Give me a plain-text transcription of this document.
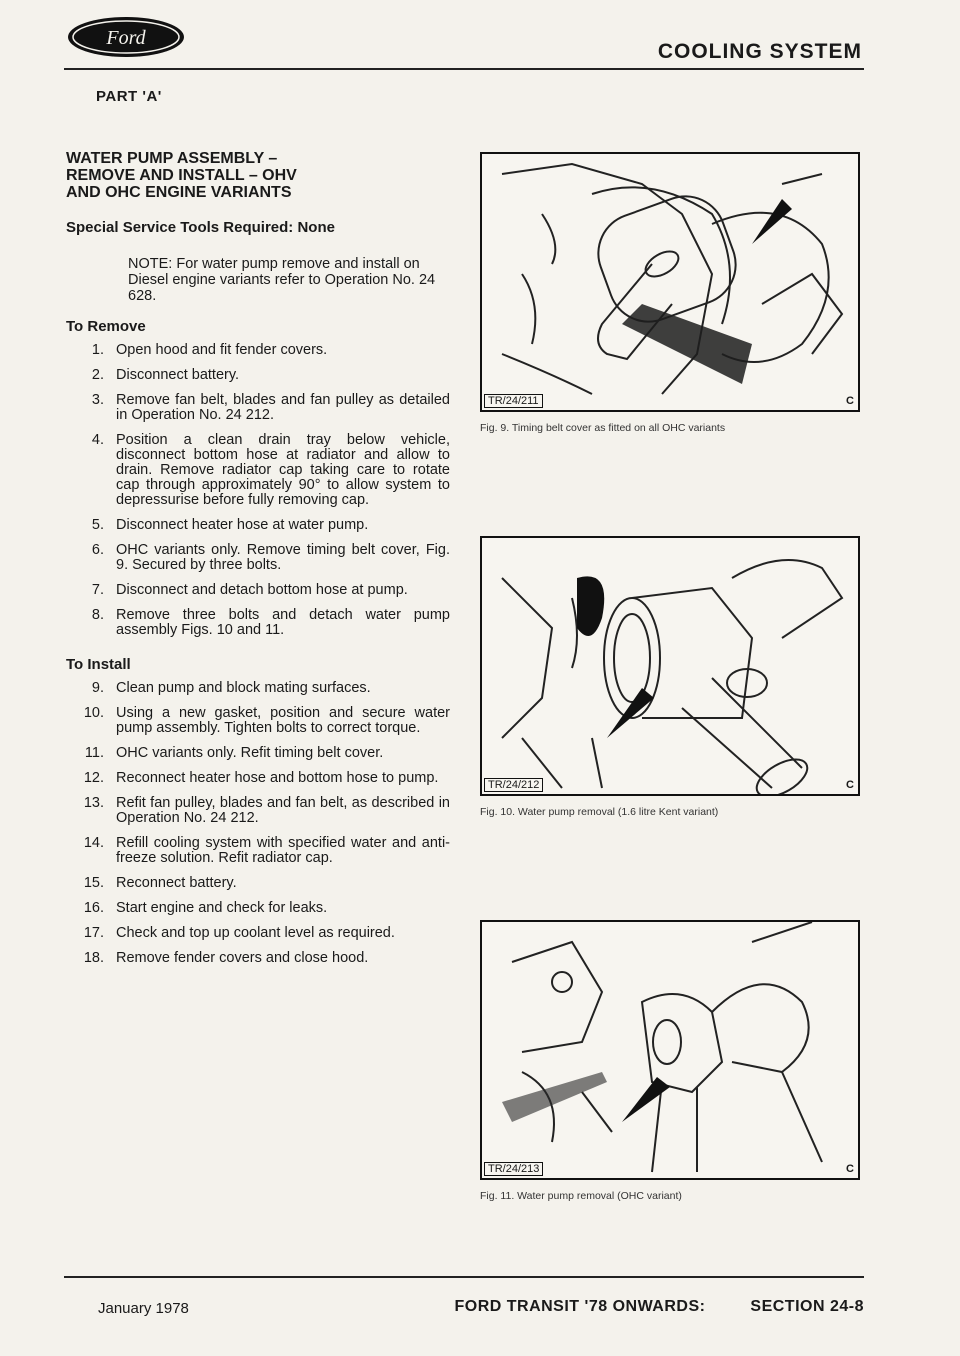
Ford
COOLING SYSTEM
PART 'A'
WATER PUMP ASSEMBLY –
REMOVE AND INSTALL – OHV
AND OHC ENGINE VARIANTS
Special Service Tools Required: None
NOTE: For water pump remove and install on Diesel engine variants refer to Operation No. 24 628.
To Remove
1. Open hood and fit fender covers.
2. Disconnect battery.
3. Remove fan belt, blades and fan pulley as detailed in Operation No. 24 212.
4. Position a clean drain tray below vehicle, disconnect bottom hose at radiator and allow to drain. Remove radiator cap taking care to rotate cap through approximately 90° to allow system to depressurise before fully removing cap.
5. Disconnect heater hose at water pump.
6. OHC variants only. Remove timing belt cover, Fig. 9. Secured by three bolts.
7. Disconnect and detach bottom hose at pump.
8. Remove three bolts and detach water pump assembly Figs. 10 and 11.
To Install
9. Clean pump and block mating surfaces.
10. Using a new gasket, position and secure water pump assembly. Tighten bolts to correct torque.
11. OHC variants only. Refit timing belt cover.
12. Reconnect heater hose and bottom hose to pump.
13. Refit fan pulley, blades and fan belt, as described in Operation No. 24 212.
14. Refill cooling system with specified water and anti-freeze solution. Refit radiator cap.
15. Reconnect battery.
16. Start engine and check for leaks.
17. Check and top up coolant level as required.
18. Remove fender covers and close hood.
TR/24/211	C
Fig. 9. Timing belt cover as fitted on all OHC variants
TR/24/212	C
Fig. 10. Water pump removal (1.6 litre Kent variant)
TR/24/213	C
Fig. 11. Water pump removal (OHC variant)
January 1978	FORD TRANSIT '78 ONWARDS:	SECTION 24-8
